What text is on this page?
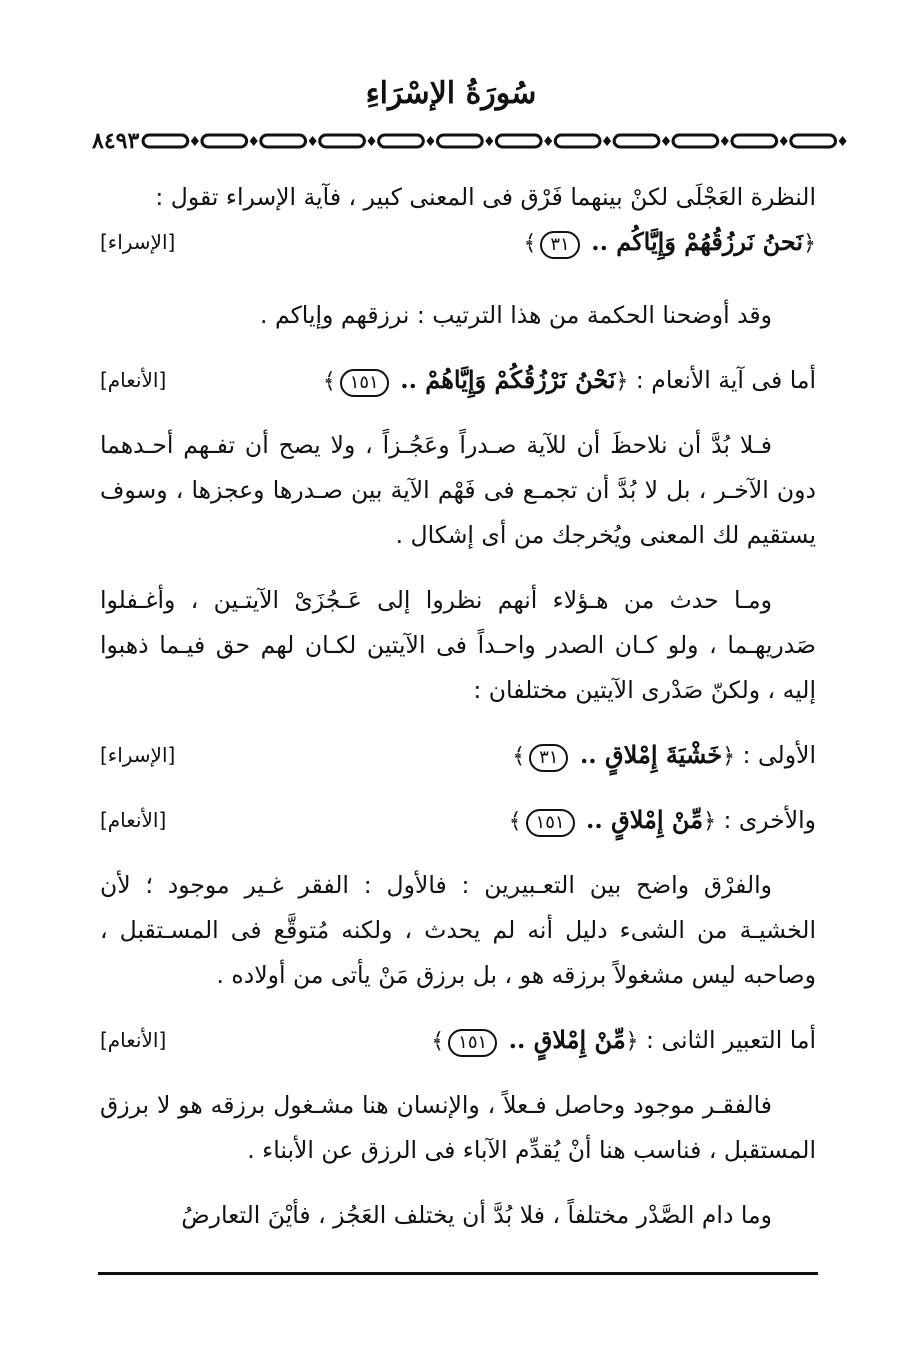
سُورَةُ الإسْرَاءِ
٨٤٩٣

النظرة العَجْلَى لكنْ بينهما فَرْق فى المعنى كبير ، فآية الإسراء تقول :

﴿نَحنُ نَرزُقُهُمْ وَإِيَّاكُم .. ٣١﴾
[الإسراء]

وقد أوضحنا الحكمة من هذا الترتيب : نرزقهم وإياكم .

أما فى آية الأنعام : ﴿نَحْنُ نَرْزُقُكُمْ وَإِيَّاهُمْ .. ١٥١﴾
[الأنعام]

فـلا بُدَّ أن نلاحظَ أن للآية صـدراً وعَجُـزاً ، ولا يصح أن تفـهم أحـدهما دون الآخـر ، بل لا بُدَّ أن تجمـع فى فَهْم الآية بين صـدرها وعجزها ، وسوف يستقيم لك المعنى ويُخرجك من أى إشكال .

ومـا حدث من هـؤلاء أنهم نظروا إلى عَـجُزَىْ الآيتـين ، وأغـفلوا صَدريهـما ، ولو كـان الصدر واحـداً فى الآيتين لكـان لهم حق فيـما ذهبوا إليه ، ولكنّ صَدْرى الآيتين مختلفان :

الأولى : ﴿خَشْيَةَ إِمْلاقٍ .. ٣١﴾
[الإسراء]
والأخرى : ﴿مِّنْ إِمْلاقٍ .. ١٥١﴾
[الأنعام]

والفرْق واضح بين التعـبيرين : فالأول : الفقر غـير موجود ؛ لأن الخشيـة من الشىء دليل أنه لم يحدث ، ولكنه مُتوقَّع فى المسـتقبل ، وصاحبه ليس مشغولاً برزقه هو ، بل برزق مَنْ يأتى من أولاده .

أما التعبير الثانى : ﴿مِّنْ إِمْلاقٍ .. ١٥١﴾
[الأنعام]

فالفقـر موجود وحاصل فـعلاً ، والإنسان هنا مشـغول برزقه هو لا برزق المستقبل ، فناسب هنا أنْ يُقدِّم الآباء فى الرزق عن الأبناء .

وما دام الصَّدْر مختلفاً ، فلا بُدَّ أن يختلف العَجُز ، فأيْنَ التعارضُ
